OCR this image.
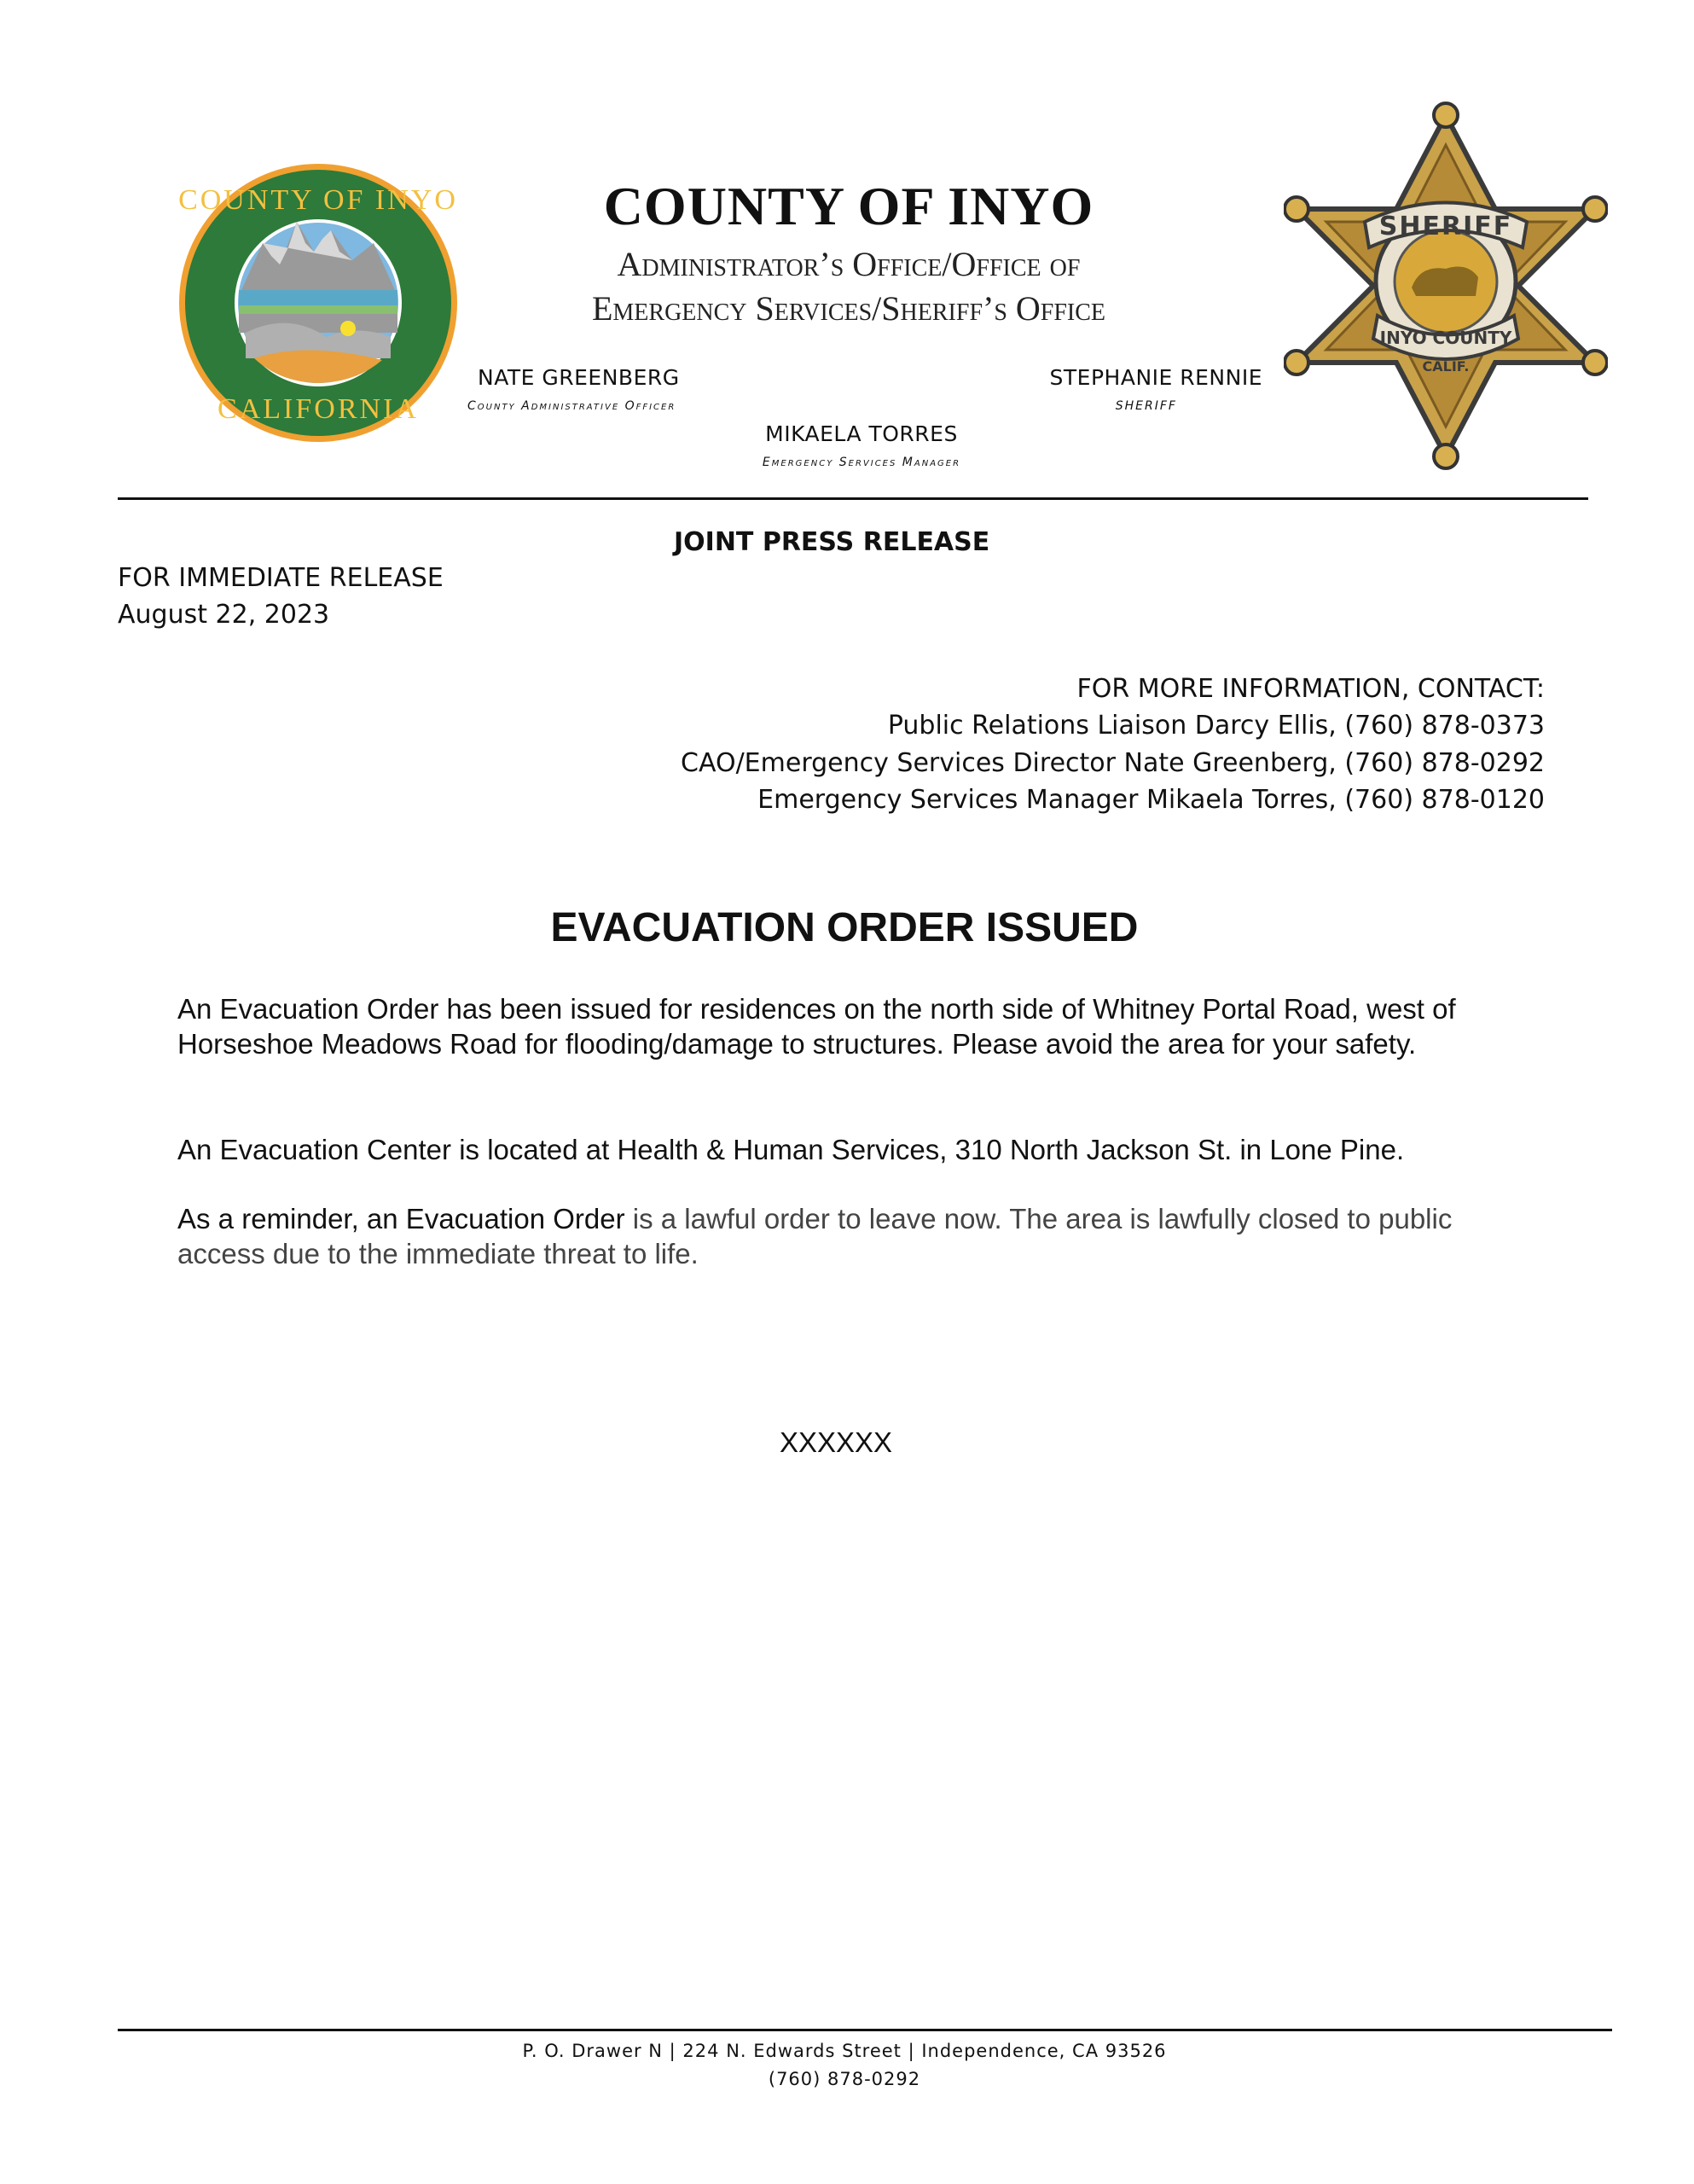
COUNTY OF INYO
CALIFORNIA
COUNTY OF INYO
Administrator’s Office/Office of
Emergency Services/Sheriff’s Office
NATE GREENBERG
County Administrative Officer
STEPHANIE RENNIE
SHERIFF
MIKAELA TORRES
Emergency Services Manager
SHERIFF
INYO COUNTY
CALIF.
JOINT PRESS RELEASE
FOR IMMEDIATE RELEASE
August 22, 2023
FOR MORE INFORMATION, CONTACT:
Public Relations Liaison Darcy Ellis, (760) 878-0373
CAO/Emergency Services Director Nate Greenberg, (760) 878-0292
Emergency Services Manager Mikaela Torres, (760) 878-0120
EVACUATION ORDER ISSUED

An Evacuation Order has been issued for residences on the north side of Whitney Portal Road, west of Horseshoe Meadows Road for flooding/damage to structures. Please avoid the area for your safety.

An Evacuation Center is located at Health & Human Services, 310 North Jackson St. in Lone Pine.

As a reminder, an Evacuation Order is a lawful order to leave now. The area is lawfully closed to public access due to the immediate threat to life.

XXXXXX
P. O. Drawer N | 224 N. Edwards Street | Independence, CA 93526
(760) 878-0292
